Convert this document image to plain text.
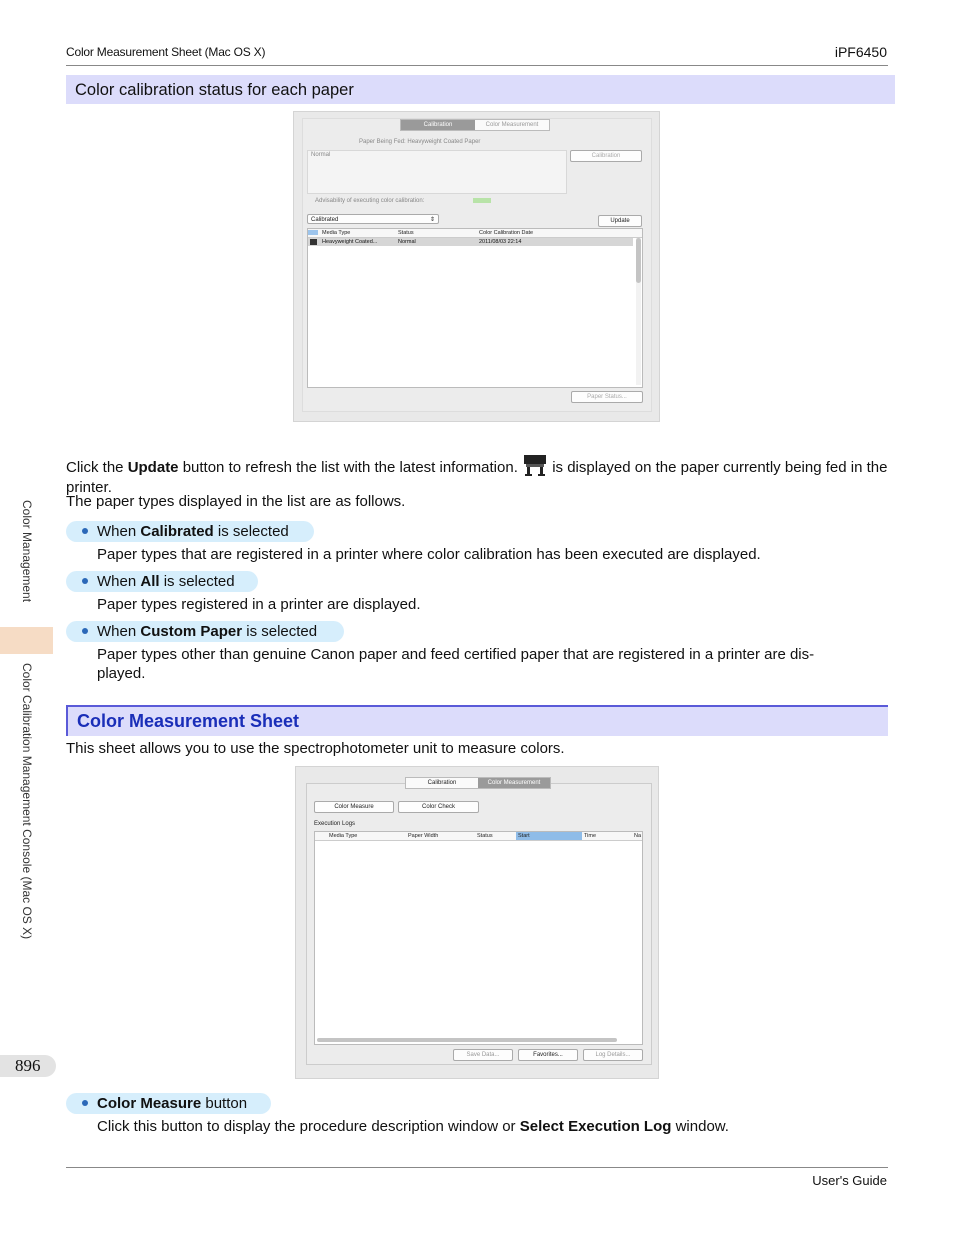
Color Measurement Sheet (Mac OS X)	iPF6450
Color calibration status for each paper
Calibration	Color Measurement
Paper Being Fed: Heavyweight Coated Paper
Normal	Calibration
Advisability of executing color calibration:
Calibrated	⇕	Update
Media Type	Status	Color Calibration Date
Heavyweight Coated...	Normal	2011/08/03 22:14
Paper Status...
Click the Update button to refresh the list with the latest information.  is displayed on the paper currently being fed in the printer.
The paper types displayed in the list are as follows.
When Calibrated is selected
Paper types that are registered in a printer where color calibration has been executed are displayed.
When All is selected
Paper types registered in a printer are displayed.
When Custom Paper is selected
Paper types other than genuine Canon paper and feed certified paper that are registered in a printer are dis-played.
Color Measurement Sheet
This sheet allows you to use the spectrophotometer unit to measure colors.
Calibration	Color Measurement
Color Measure	Color Check
Execution Logs
Media Type	Paper Width	Status	Start	Time	Na
Save Data...	Favorites...	Log Details...
Color Measure button
Click this button to display the procedure description window or Select Execution Log window.
Color Management
Color Calibration Management Console (Mac OS X)
896
User's Guide
